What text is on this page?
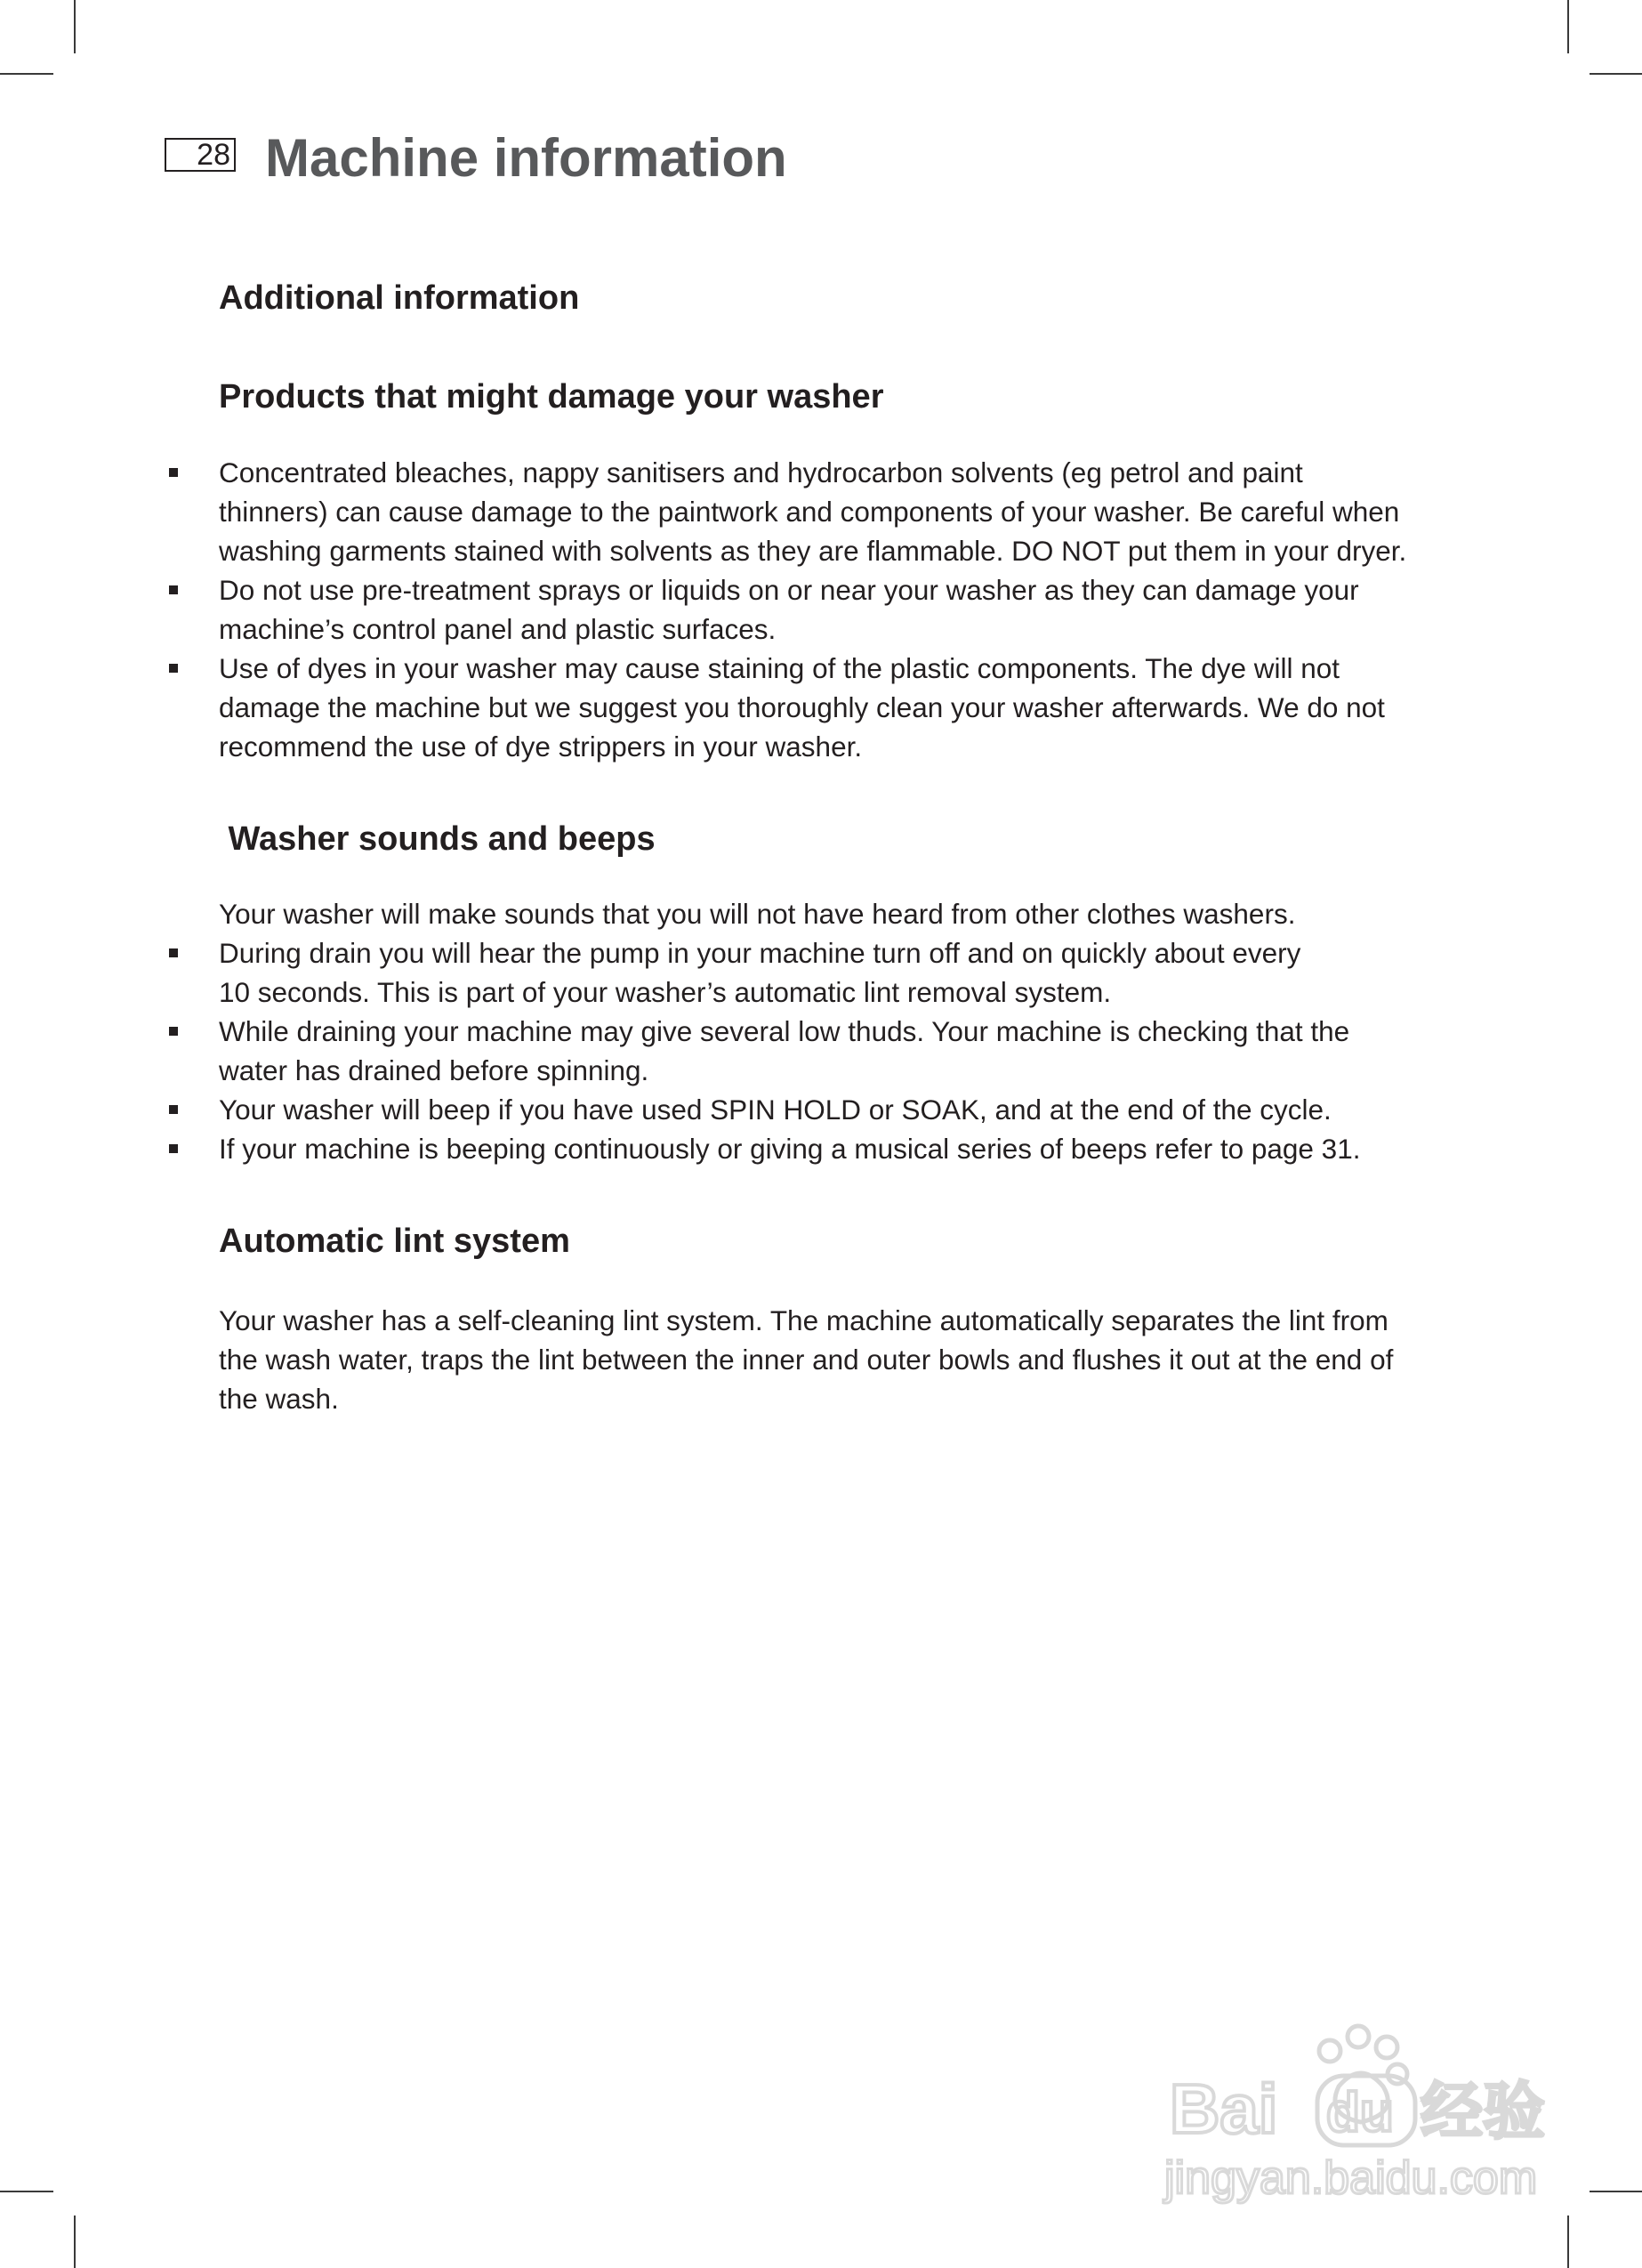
28 Machine information
Additional information
Products that might damage your washer
Concentrated bleaches, nappy sanitisers and hydrocarbon solvents (eg petrol and paint
thinners) can cause damage to the paintwork and components of your washer. Be careful when
washing garments stained with solvents as they are flammable. DO NOT put them in your dryer.
Do not use pre-treatment sprays or liquids on or near your washer as they can damage your
machine’s control panel and plastic surfaces.
Use of dyes in your washer may cause staining of the plastic components. The dye will not
damage the machine but we suggest you thoroughly clean your washer afterwards. We do not
recommend the use of dye strippers in your washer.
Washer sounds and beeps

Your washer will make sounds that you will not have heard from other clothes washers.

During drain you will hear the pump in your machine turn off and on quickly about every
10 seconds. This is part of your washer’s automatic lint removal system.
While draining your machine may give several low thuds. Your machine is checking that the
water has drained before spinning.
Your washer will beep if you have used SPIN HOLD or SOAK, and at the end of the cycle.
If your machine is beeping continuously or giving a musical series of beeps refer to page 31.
Automatic lint system

Your washer has a self-cleaning lint system. The machine automatically separates the lint from
the wash water, traps the lint between the inner and outer bowls and flushes it out at the end of
the wash.

Bai du 经验
jingyan.baidu.com
